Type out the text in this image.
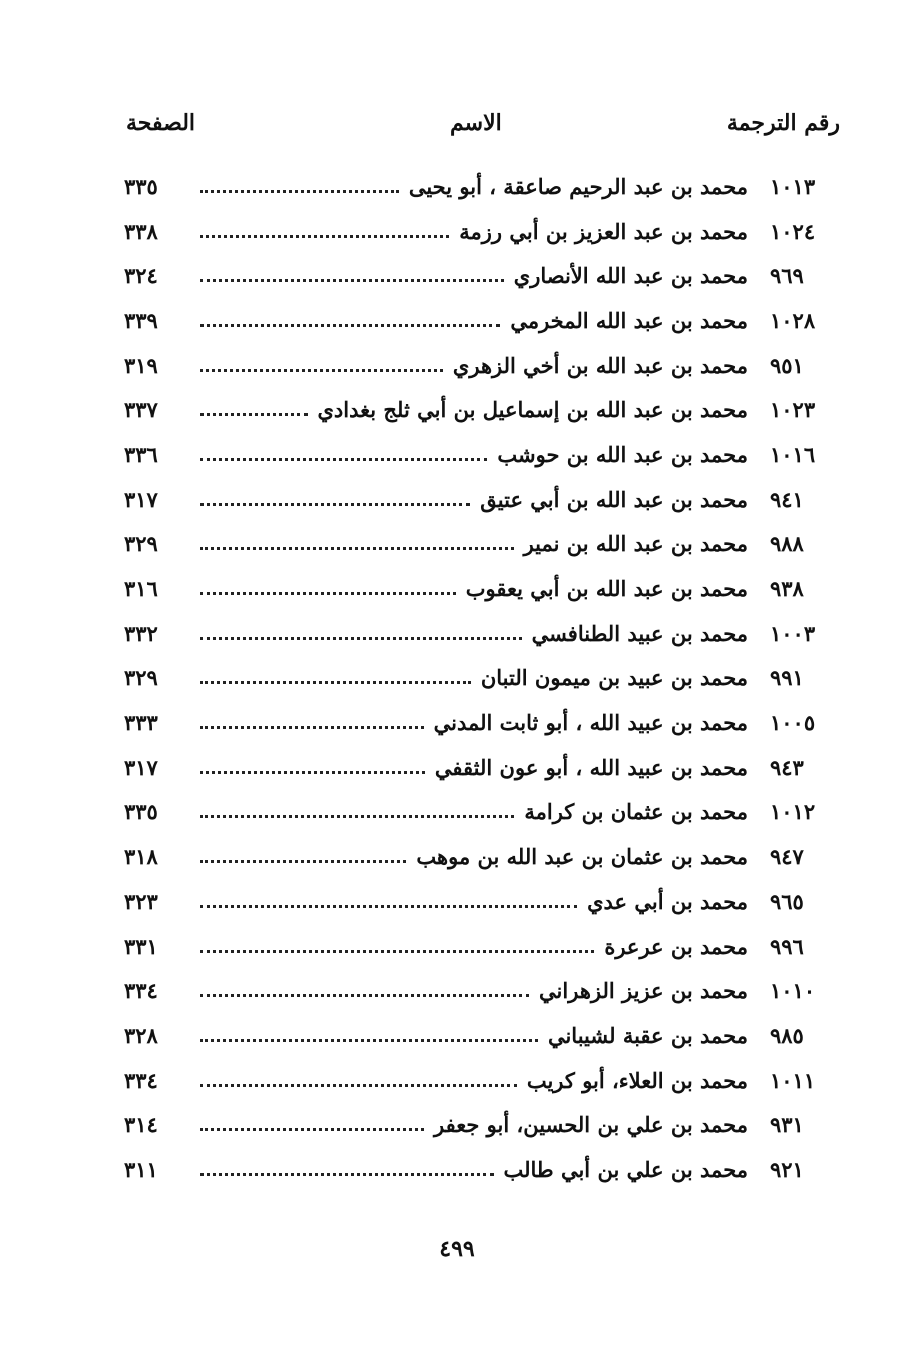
رقم الترجمة
الاسم
الصفحة
١٠١٣
محمد بن عبد الرحيم صاعقة ، أبو يحيى
٣٣٥
١٠٢٤
محمد بن عبد العزيز بن أبي رزمة
٣٣٨
٩٦٩
محمد بن عبد الله الأنصاري
٣٢٤
١٠٢٨
محمد بن عبد الله المخرمي
٣٣٩
٩٥١
محمد بن عبد الله بن أخي الزهري
٣١٩
١٠٢٣
محمد بن عبد الله بن إسماعيل بن أبي ثلج بغدادي
٣٣٧
١٠١٦
محمد بن عبد الله بن حوشب
٣٣٦
٩٤١
محمد بن عبد الله بن أبي عتيق
٣١٧
٩٨٨
محمد بن عبد الله بن نمير
٣٢٩
٩٣٨
محمد بن عبد الله بن أبي يعقوب
٣١٦
١٠٠٣
محمد بن عبيد الطنافسي
٣٣٢
٩٩١
محمد بن عبيد بن ميمون التبان
٣٢٩
١٠٠٥
محمد بن عبيد الله ، أبو ثابت المدني
٣٣٣
٩٤٣
محمد بن عبيد الله ، أبو عون الثقفي
٣١٧
١٠١٢
محمد بن عثمان بن كرامة
٣٣٥
٩٤٧
محمد بن عثمان بن عبد الله بن موهب
٣١٨
٩٦٥
محمد بن أبي عدي
٣٢٣
٩٩٦
محمد بن عرعرة
٣٣١
١٠١٠
محمد بن عزيز الزهراني
٣٣٤
٩٨٥
محمد بن عقبة لشيباني
٣٢٨
١٠١١
محمد بن العلاء، أبو كريب
٣٣٤
٩٣١
محمد بن علي بن الحسين، أبو جعفر
٣١٤
٩٢١
محمد بن علي بن أبي طالب
٣١١
٤٩٩
